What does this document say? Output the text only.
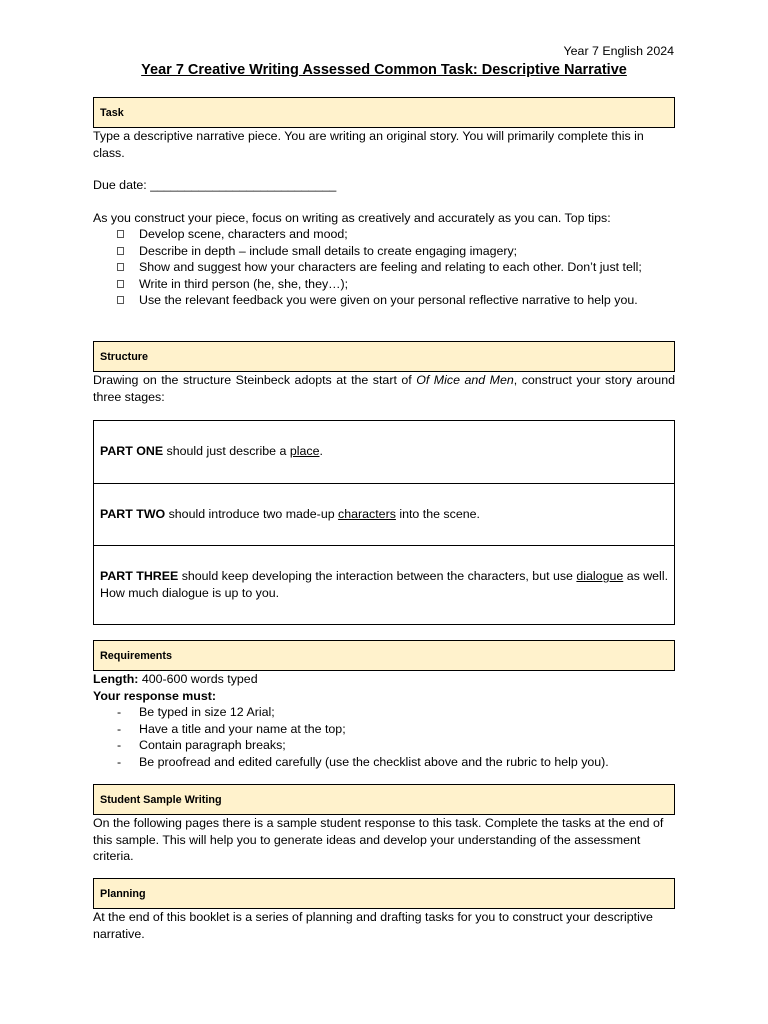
Year 7 English 2024
Year 7 Creative Writing Assessed Common Task: Descriptive Narrative
Task

Type a descriptive narrative piece. You are writing an original story. You will primarily complete this in class.

Due date: ___________________________

As you construct your piece, focus on writing as creatively and accurately as you can. Top tips:

Develop scene, characters and mood;
Describe in depth – include small details to create engaging imagery;
Show and suggest how your characters are feeling and relating to each other. Don’t just tell;
Write in third person (he, she, they…);
Use the relevant feedback you were given on your personal reflective narrative to help you.
Structure

Drawing on the structure Steinbeck adopts at the start of Of Mice and Men, construct your story around three stages:

PART ONE should just describe a place.
PART TWO should introduce two made-up characters into the scene.
PART THREE should keep developing the interaction between the characters, but use dialogue as well. How much dialogue is up to you.
Requirements

Length: 400-600 words typed

Your response must:

- Be typed in size 12 Arial;
- Have a title and your name at the top;
- Contain paragraph breaks;
- Be proofread and edited carefully (use the checklist above and the rubric to help you).
Student Sample Writing

On the following pages there is a sample student response to this task. Complete the tasks at the end of this sample. This will help you to generate ideas and develop your understanding of the assessment criteria.

Planning

At the end of this booklet is a series of planning and drafting tasks for you to construct your descriptive narrative.
